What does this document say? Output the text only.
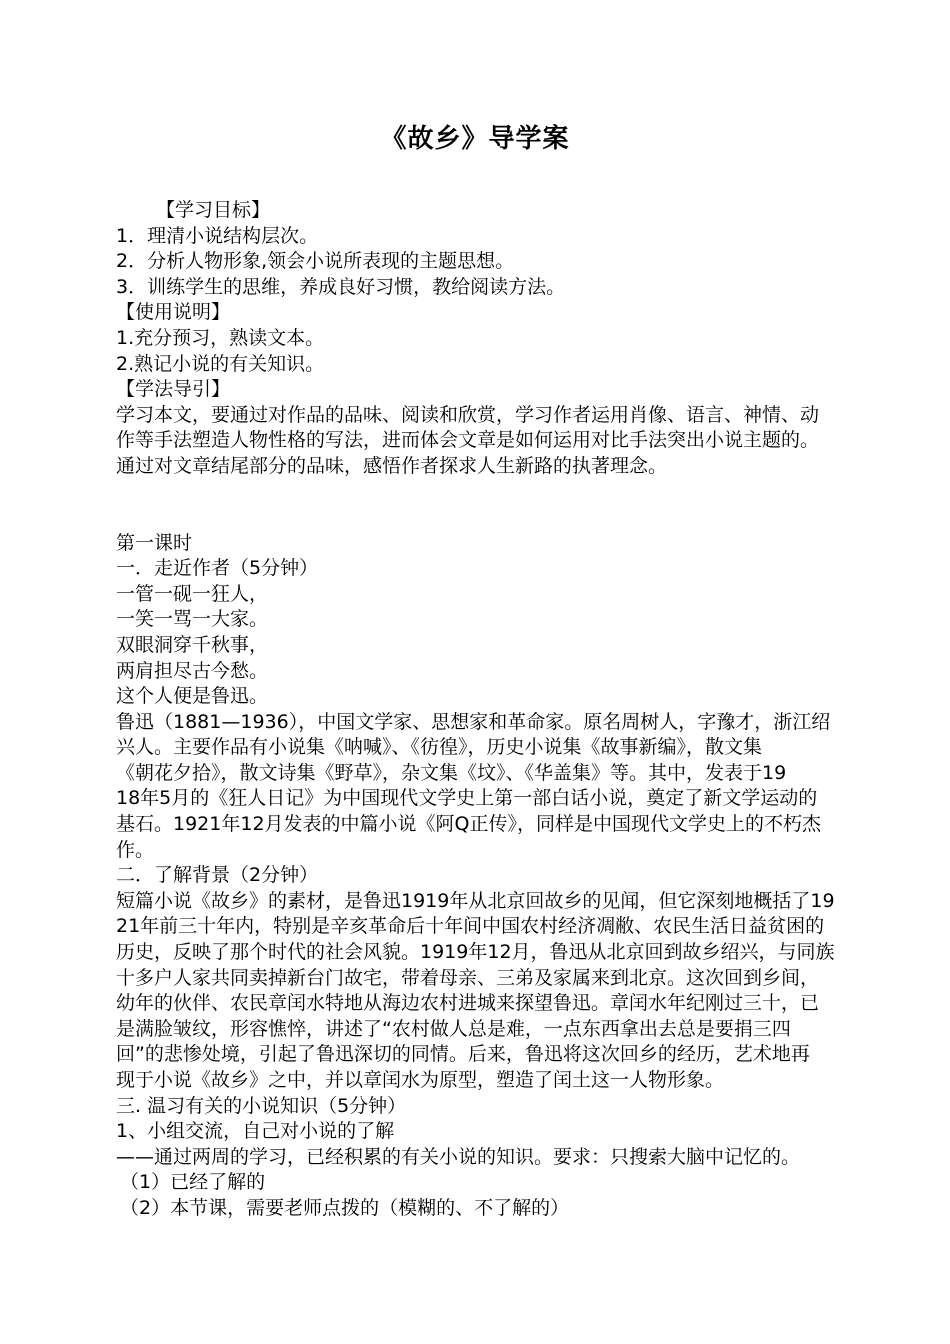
《故乡》导学案
【学习目标】
1．理清小说结构层次。
2．分析人物形象,领会小说所表现的主题思想。
3．训练学生的思维，养成良好习惯，教给阅读方法。
【使用说明】
1.充分预习，熟读文本。
2.熟记小说的有关知识。
【学法导引】
学习本文，要通过对作品的品味、阅读和欣赏，学习作者运用肖像、语言、神情、动
作等手法塑造人物性格的写法，进而体会文章是如何运用对比手法突出小说主题的。
通过对文章结尾部分的品味，感悟作者探求人生新路的执著理念。
第一课时
一．走近作者（5分钟）
一管一砚一狂人，
一笑一骂一大家。
双眼洞穿千秋事，
两肩担尽古今愁。
这个人便是鲁迅。
鲁迅（1881—1936），中国文学家、思想家和革命家。原名周树人，字豫才，浙江绍
兴人。主要作品有小说集《呐喊》、《彷徨》，历史小说集《故事新编》，散文集
《朝花夕拾》，散文诗集《野草》，杂文集《坟》、《华盖集》等。其中，发表于19
18年5月的《狂人日记》为中国现代文学史上第一部白话小说，奠定了新文学运动的
基石。1921年12月发表的中篇小说《阿Q正传》，同样是中国现代文学史上的不朽杰
作。
二．了解背景（2分钟）
短篇小说《故乡》的素材，是鲁迅1919年从北京回故乡的见闻，但它深刻地概括了19
21年前三十年内，特别是辛亥革命后十年间中国农村经济凋敝、农民生活日益贫困的
历史，反映了那个时代的社会风貌。1919年12月，鲁迅从北京回到故乡绍兴，与同族
十多户人家共同卖掉新台门故宅，带着母亲、三弟及家属来到北京。这次回到乡间，
幼年的伙伴、农民章闰水特地从海边农村进城来探望鲁迅。章闰水年纪刚过三十，已
是满脸皱纹，形容憔悴，讲述了“农村做人总是难，一点东西拿出去总是要捐三四
回”的悲惨处境，引起了鲁迅深切的同情。后来，鲁迅将这次回乡的经历，艺术地再
现于小说《故乡》之中，并以章闰水为原型，塑造了闰土这一人物形象。
三. 温习有关的小说知识（5分钟）
1、小组交流，自己对小说的了解
——通过两周的学习，已经积累的有关小说的知识。要求：只搜索大脑中记忆的。
（1）已经了解的
（2）本节课，需要老师点拨的（模糊的、不了解的）
